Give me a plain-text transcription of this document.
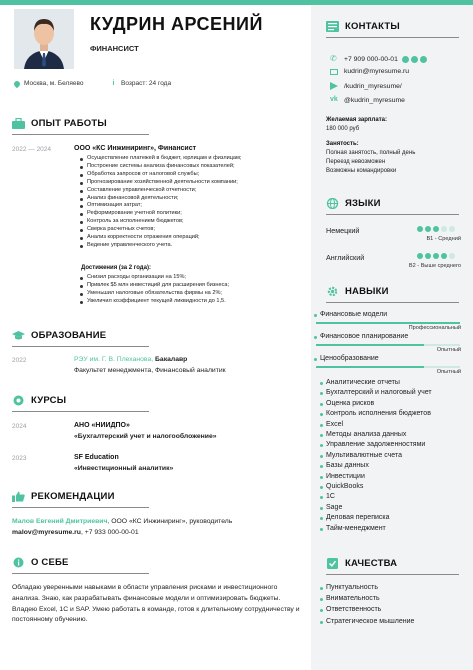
КУДРИН АРСЕНИЙ
ФИНАНСИСТ
Москва, м. Беляево	i	Возраст: 24 года
ОПЫТ РАБОТЫ
2022 — 2024	ООО «КС Инжиниринг», Финансист
Осуществление платежей в бюджет, юрлицам и физлицам;
Построение системы анализа финансовых показателей;
Обработка запросов от налоговой службы;
Прогнозирование хозяйственной деятельности компании;
Составление управленческой отчетности;
Анализ финансовой деятельности;
Оптимизация затрат;
Реформирование учетной политики;
Контроль за исполнением бюджетов;
Сверка расчетных счетов;
Анализ корректности отражения операций;
Ведение управленческого учета.
Достижения (за 2 года):
Снизил расходы организации на 15%;
Привлек $5 млн инвестиций для расширения бизнеса;
Уменьшил налоговые обязательства фирмы на 2%;
Увеличил коэффициент текущей ликвидности до 1,5.
ОБРАЗОВАНИЕ
2022	РЭУ им. Г. В. Плеханова, Бакалавр
Факультет менеджмента, Финансовый аналитик
КУРСЫ
2024	АНО «НИИДПО»
«Бухгалтерский учет и налогообложение»
2023	SF Education
«Инвестиционный аналитик»
РЕКОМЕНДАЦИИ
Малов Евгений Дмитриевич, ООО «КС Инжиниринг», руководитель
malov@myresume.ru, +7 933 000-00-01
О СЕБЕ
Обладаю уверенными навыками в области управления рисками и инвестиционного анализа. Знаю, как разрабатывать финансовые модели и оптимизировать бюджеты. Владею Excel, 1С и SAP. Умею работать в команде, готов к длительному сотрудничеству и постоянному обучению.
КОНТАКТЫ
✆ +7 909 000-00-01
kudrin@myresume.ru
/kudrin_myresume/
vk @kudrin_myresume
Желаемая зарплата:
180 000 руб
Занятость:
Полная занятость, полный день
Переезд невозможен
Возможны командировки
ЯЗЫКИ
Немецкий
B1 - Средний
Английский
B2 - Выше среднего
НАВЫКИ
Финансовые модели
Профессиональный
Финансовое планирование
Опытный
Ценообразование
Опытный
Аналитические отчеты
Бухгалтерский и налоговый учет
Оценка рисков
Контроль исполнения бюджетов
Excel
Методы анализа данных
Управление задолженностями
Мультивалютные счета
Базы данных
Инвестиции
QuickBooks
1С
Sage
Деловая переписка
Тайм-менеджмент
КАЧЕСТВА
Пунктуальность
Внимательность
Ответственность
Стратегическое мышление
